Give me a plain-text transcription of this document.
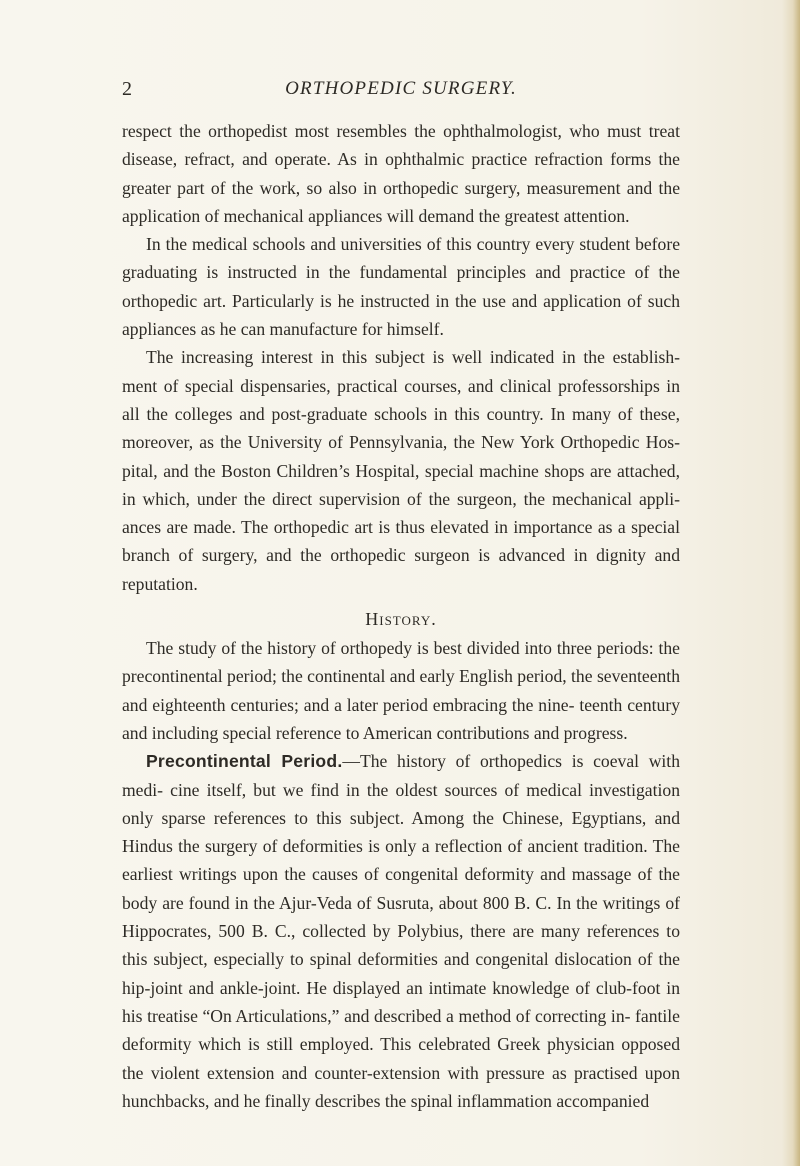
2	ORTHOPEDIC SURGERY.

respect the orthopedist most resembles the ophthalmologist, who must treat disease, refract, and operate. As in ophthalmic practice refraction forms the greater part of the work, so also in orthopedic surgery, measurement and the application of mechanical appliances will demand the greatest attention.

In the medical schools and universities of this country every student before graduating is instructed in the fundamental principles and practice of the orthopedic art. Particularly is he instructed in the use and application of such appliances as he can manufacture for himself.

The increasing interest in this subject is well indicated in the establish- ment of special dispensaries, practical courses, and clinical professorships in all the colleges and post-graduate schools in this country. In many of these, moreover, as the University of Pennsylvania, the New York Orthopedic Hos- pital, and the Boston Children’s Hospital, special machine shops are attached, in which, under the direct supervision of the surgeon, the mechanical appli- ances are made. The orthopedic art is thus elevated in importance as a special branch of surgery, and the orthopedic surgeon is advanced in dignity and reputation.

History.

The study of the history of orthopedy is best divided into three periods: the precontinental period; the continental and early English period, the seventeenth and eighteenth centuries; and a later period embracing the nine- teenth century and including special reference to American contributions and progress.

Precontinental Period.—The history of orthopedics is coeval with medi- cine itself, but we find in the oldest sources of medical investigation only sparse references to this subject. Among the Chinese, Egyptians, and Hindus the surgery of deformities is only a reflection of ancient tradition. The earliest writings upon the causes of congenital deformity and massage of the body are found in the Ajur-Veda of Susruta, about 800 B. C. In the writings of Hippocrates, 500 B. C., collected by Polybius, there are many references to this subject, especially to spinal deformities and congenital dislocation of the hip-joint and ankle-joint. He displayed an intimate knowledge of club-foot in his treatise “On Articulations,” and described a method of correcting in- fantile deformity which is still employed. This celebrated Greek physician opposed the violent extension and counter-extension with pressure as practised upon hunchbacks, and he finally describes the spinal inflammation accompanied
